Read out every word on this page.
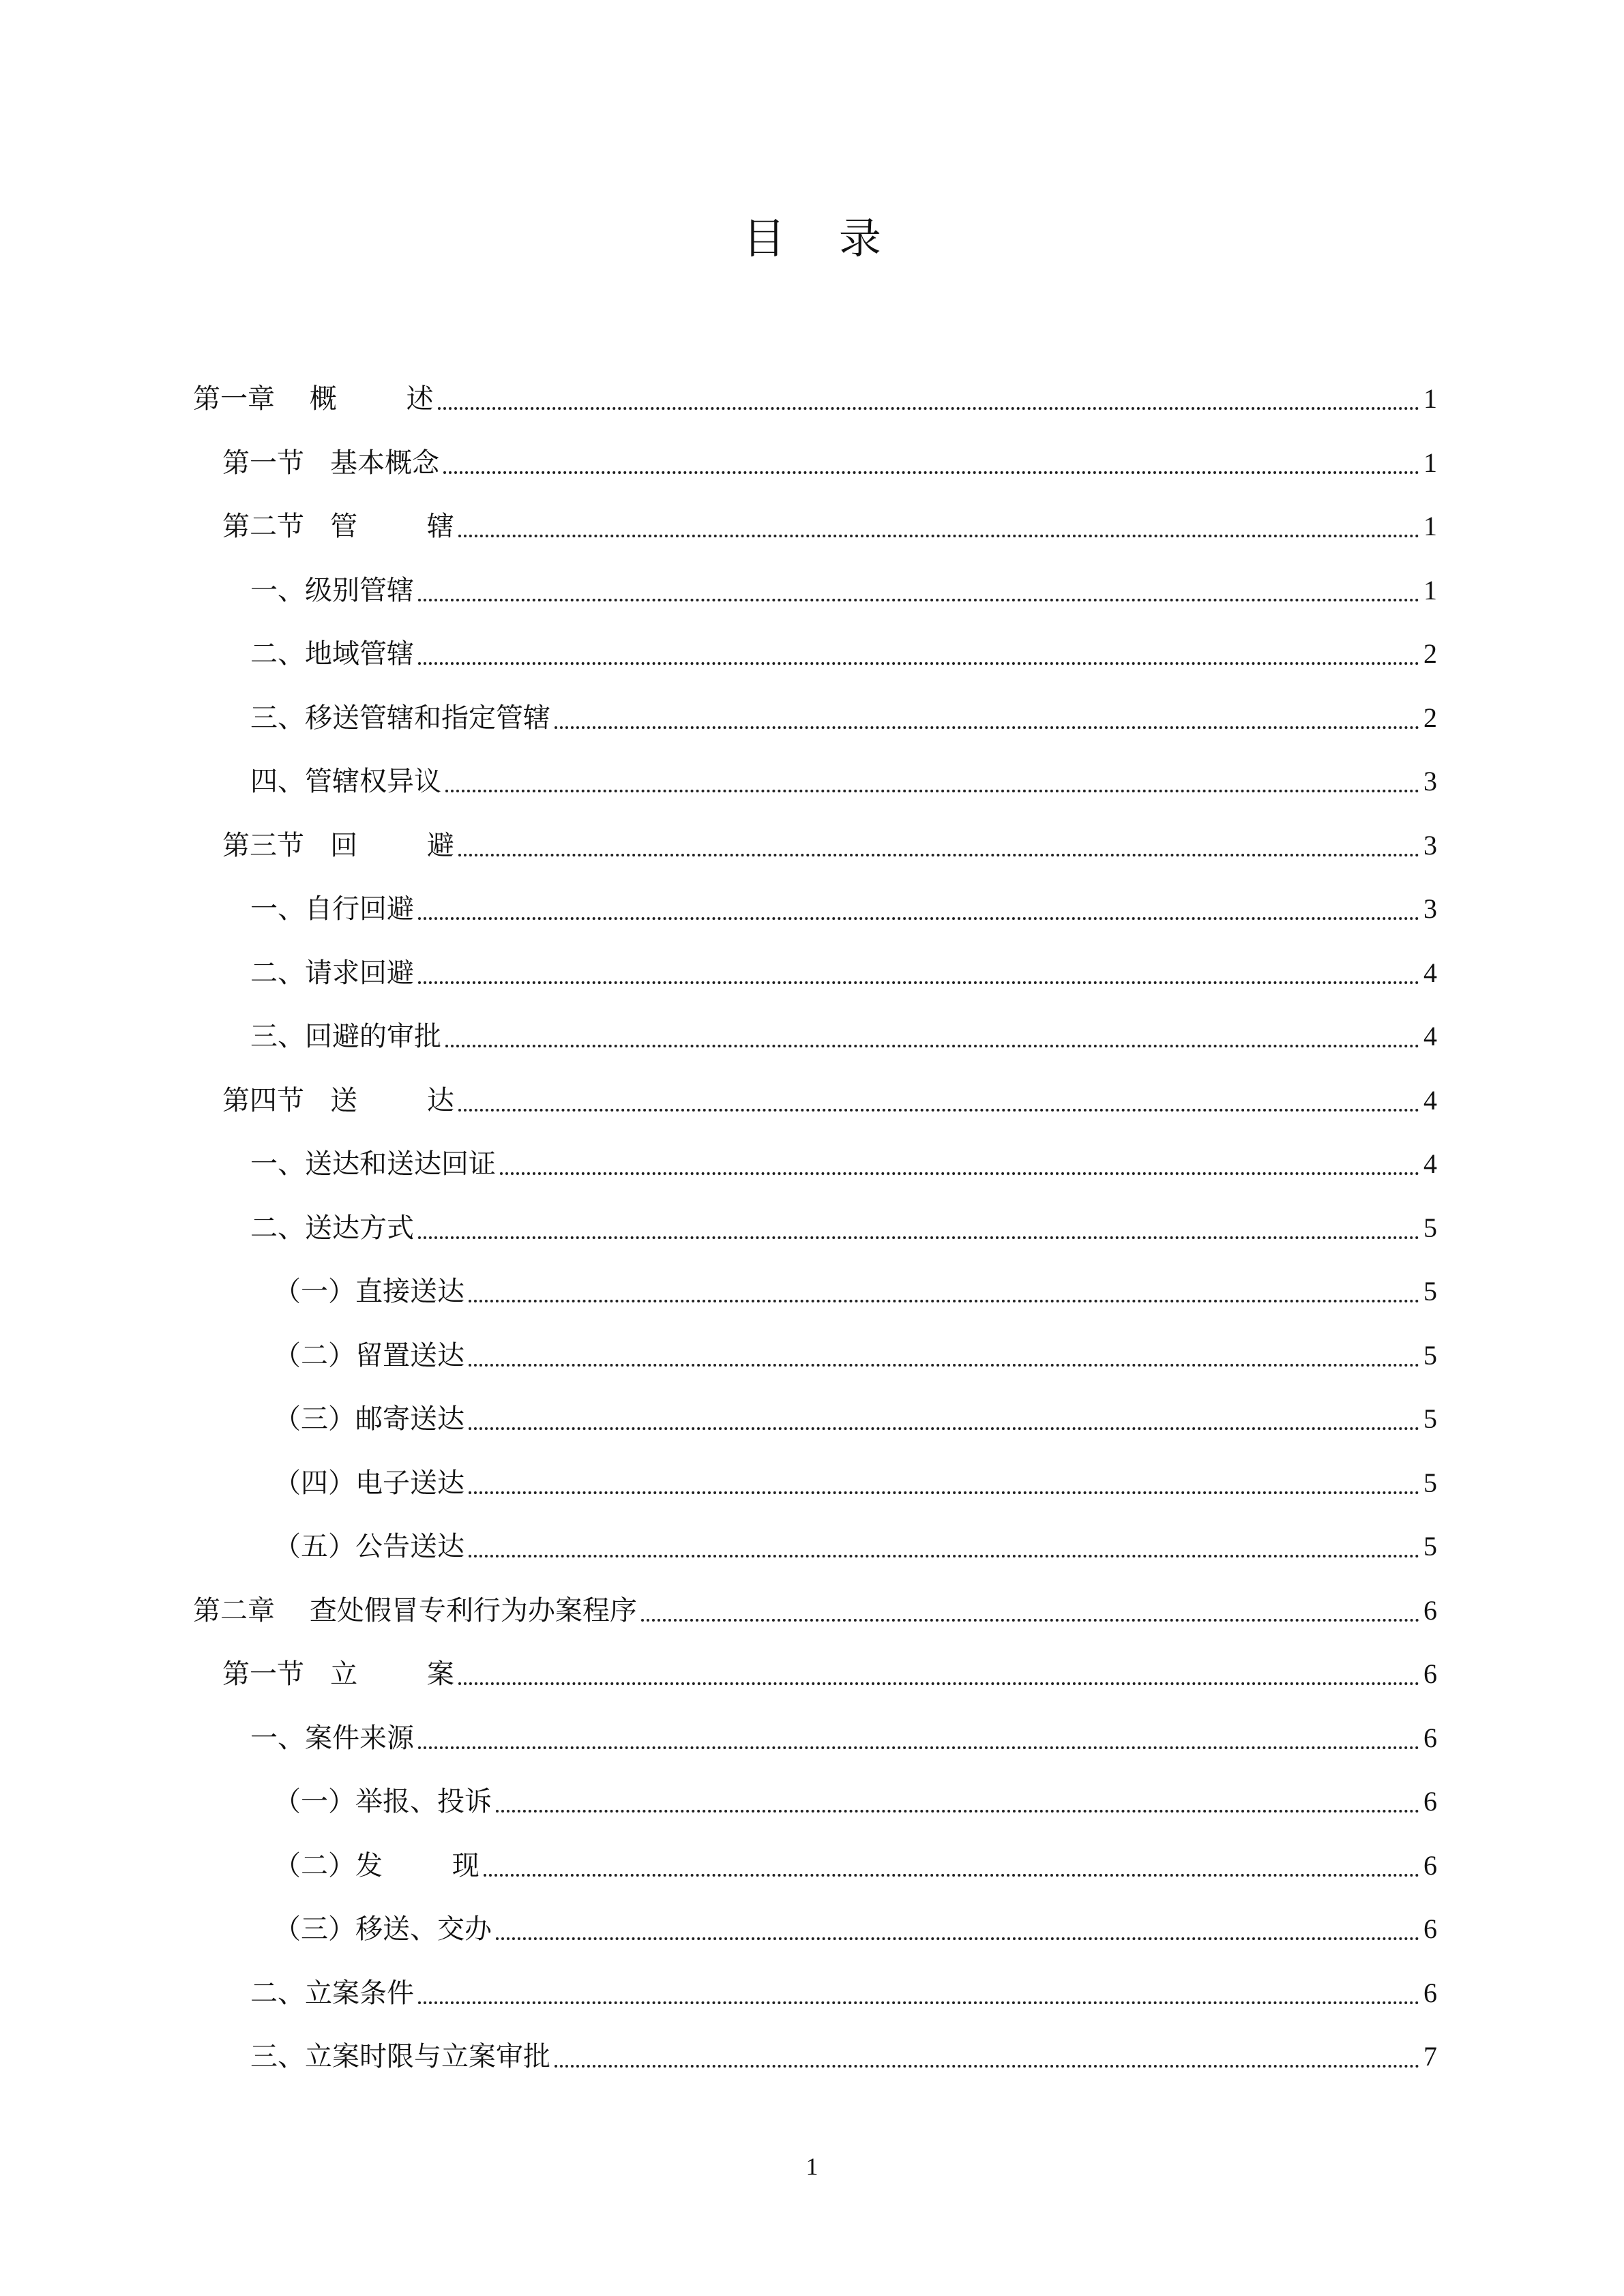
目    录
第一章    概        述	1
第一节   基本概念	1
第二节   管        辖	1
一、级别管辖	1
二、地域管辖	2
三、移送管辖和指定管辖	2
四、管辖权异议	3
第三节   回        避	3
一、自行回避	3
二、请求回避	4
三、回避的审批	4
第四节   送        达	4
一、送达和送达回证	4
二、送达方式	5
（一）直接送达	5
（二）留置送达	5
（三）邮寄送达	5
（四）电子送达	5
（五）公告送达	5
第二章    查处假冒专利行为办案程序	6
第一节   立        案	6
一、案件来源	6
（一）举报、投诉	6
（二）发        现	6
（三）移送、交办	6
二、立案条件	6
三、立案时限与立案审批	7
1
